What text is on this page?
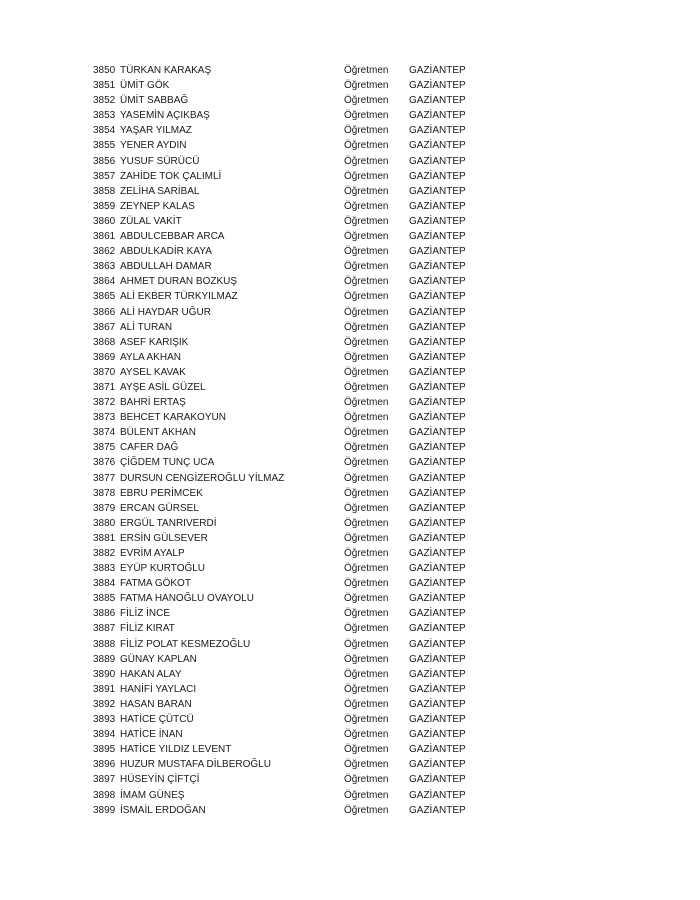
3850 TÜRKAN KARAKAŞ	Öğretmen	GAZİANTEP
3851 ÜMİT GÖK	Öğretmen	GAZİANTEP
3852 ÜMİT SABBAĞ	Öğretmen	GAZİANTEP
3853 YASEMİN AÇIKBAŞ	Öğretmen	GAZİANTEP
3854 YAŞAR YILMAZ	Öğretmen	GAZİANTEP
3855 YENER AYDIN	Öğretmen	GAZİANTEP
3856 YUSUF SÜRÜCÜ	Öğretmen	GAZİANTEP
3857 ZAHİDE TOK ÇALIMLİ	Öğretmen	GAZİANTEP
3858 ZELİHA SARİBAL	Öğretmen	GAZİANTEP
3859 ZEYNEP KALAS	Öğretmen	GAZİANTEP
3860 ZÜLAL VAKİT	Öğretmen	GAZİANTEP
3861 ABDULCEBBAR ARCA	Öğretmen	GAZİANTEP
3862 ABDULKADİR KAYA	Öğretmen	GAZİANTEP
3863 ABDULLAH DAMAR	Öğretmen	GAZİANTEP
3864 AHMET DURAN BOZKUŞ	Öğretmen	GAZİANTEP
3865 ALİ EKBER TÜRKYILMAZ	Öğretmen	GAZİANTEP
3866 ALİ HAYDAR UĞUR	Öğretmen	GAZİANTEP
3867 ALİ TURAN	Öğretmen	GAZİANTEP
3868 ASEF KARIŞIK	Öğretmen	GAZİANTEP
3869 AYLA AKHAN	Öğretmen	GAZİANTEP
3870 AYSEL KAVAK	Öğretmen	GAZİANTEP
3871 AYŞE ASİL GÜZEL	Öğretmen	GAZİANTEP
3872 BAHRİ ERTAŞ	Öğretmen	GAZİANTEP
3873 BEHCET KARAKOYUN	Öğretmen	GAZİANTEP
3874 BÜLENT AKHAN	Öğretmen	GAZİANTEP
3875 CAFER DAĞ	Öğretmen	GAZİANTEP
3876 ÇİĞDEM TUNÇ UCA	Öğretmen	GAZİANTEP
3877 DURSUN CENGİZEROĞLU YİLMAZ	Öğretmen	GAZİANTEP
3878 EBRU PERİMCEK	Öğretmen	GAZİANTEP
3879 ERCAN GÜRSEL	Öğretmen	GAZİANTEP
3880 ERGÜL TANRIVERDİ	Öğretmen	GAZİANTEP
3881 ERSİN GÜLSEVER	Öğretmen	GAZİANTEP
3882 EVRİM AYALP	Öğretmen	GAZİANTEP
3883 EYÜP KURTOĞLU	Öğretmen	GAZİANTEP
3884 FATMA GÖKOT	Öğretmen	GAZİANTEP
3885 FATMA HANOĞLU OVAYOLU	Öğretmen	GAZİANTEP
3886 FİLİZ İNCE	Öğretmen	GAZİANTEP
3887 FİLİZ KIRAT	Öğretmen	GAZİANTEP
3888 FİLİZ POLAT KESMEZOĞLU	Öğretmen	GAZİANTEP
3889 GÜNAY KAPLAN	Öğretmen	GAZİANTEP
3890 HAKAN ALAY	Öğretmen	GAZİANTEP
3891 HANİFİ YAYLACI	Öğretmen	GAZİANTEP
3892 HASAN BARAN	Öğretmen	GAZİANTEP
3893 HATİCE ÇÜTCÜ	Öğretmen	GAZİANTEP
3894 HATİCE İNAN	Öğretmen	GAZİANTEP
3895 HATİCE YILDIZ LEVENT	Öğretmen	GAZİANTEP
3896 HUZUR MUSTAFA DİLBEROĞLU	Öğretmen	GAZİANTEP
3897 HÜSEYİN ÇİFTÇİ	Öğretmen	GAZİANTEP
3898 İMAM GÜNEŞ	Öğretmen	GAZİANTEP
3899 İSMAİL ERDOĞAN	Öğretmen	GAZİANTEP
